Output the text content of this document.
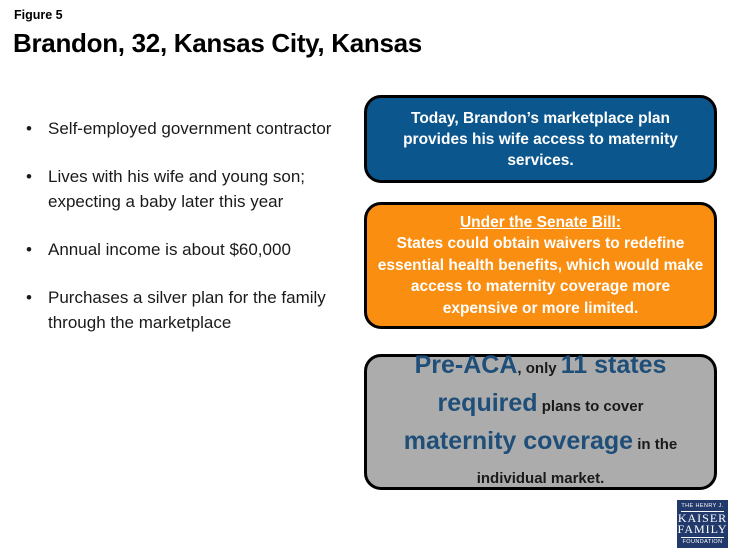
Figure 5
Brandon, 32, Kansas City, Kansas
• Self-employed government contractor
• Lives with his wife and young son; expecting a baby later this year
• Annual income is about $60,000
• Purchases a silver plan for the family through the marketplace
Today, Brandon’s marketplace plan provides his wife access to maternity services.
Under the Senate Bill:
States could obtain waivers to redefine essential health benefits, which would make access to maternity coverage more expensive or more limited.
Pre-ACA, only 11 states required plans to cover maternity coverage in the individual market.
THE HENRY J.
KAISER
FAMILY
FOUNDATION
